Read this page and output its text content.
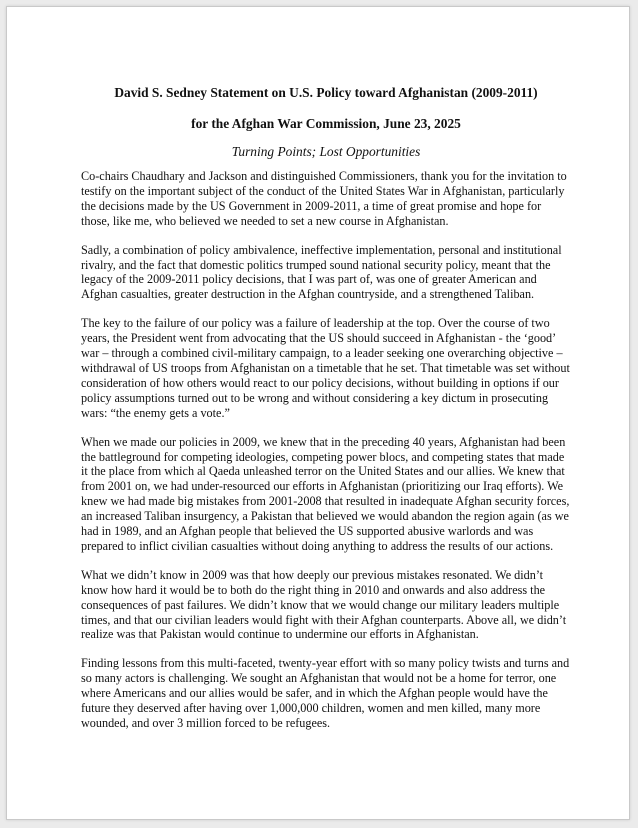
David S. Sedney Statement on U.S. Policy toward Afghanistan (2009-2011)

for the Afghan War Commission, June 23, 2025

Turning Points; Lost Opportunities

Co-chairs Chaudhary and Jackson and distinguished Commissioners, thank you for the invitation to testify on the important subject of the conduct of the United States War in Afghanistan, particularly the decisions made by the US Government in 2009-2011, a time of great promise and hope for those, like me, who believed we needed to set a new course in Afghanistan.

Sadly, a combination of policy ambivalence, ineffective implementation, personal and institutional rivalry, and the fact that domestic politics trumped sound national security policy, meant that the legacy of the 2009-2011 policy decisions, that I was part of, was one of greater American and Afghan casualties, greater destruction in the Afghan countryside, and a strengthened Taliban.

The key to the failure of our policy was a failure of leadership at the top. Over the course of two years, the President went from advocating that the US should succeed in Afghanistan - the ‘good’ war – through a combined civil-military campaign, to a leader seeking one overarching objective – withdrawal of US troops from Afghanistan on a timetable that he set. That timetable was set without consideration of how others would react to our policy decisions, without building in options if our policy assumptions turned out to be wrong and without considering a key dictum in prosecuting wars: “the enemy gets a vote.”

When we made our policies in 2009, we knew that in the preceding 40 years, Afghanistan had been the battleground for competing ideologies, competing power blocs, and competing states that made it the place from which al Qaeda unleashed terror on the United States and our allies. We knew that from 2001 on, we had under-resourced our efforts in Afghanistan (prioritizing our Iraq efforts). We knew we had made big mistakes from 2001-2008 that resulted in inadequate Afghan security forces, an increased Taliban insurgency, a Pakistan that believed we would abandon the region again (as we had in 1989, and an Afghan people that believed the US supported abusive warlords and was prepared to inflict civilian casualties without doing anything to address the results of our actions.

What we didn’t know in 2009 was that how deeply our previous mistakes resonated. We didn’t know how hard it would be to both do the right thing in 2010 and onwards and also address the consequences of past failures. We didn’t know that we would change our military leaders multiple times, and that our civilian leaders would fight with their Afghan counterparts. Above all, we didn’t realize was that Pakistan would continue to undermine our efforts in Afghanistan.

Finding lessons from this multi-faceted, twenty-year effort with so many policy twists and turns and so many actors is challenging. We sought an Afghanistan that would not be a home for terror, one where Americans and our allies would be safer, and in which the Afghan people would have the future they deserved after having over 1,000,000 children, women and men killed, many more wounded, and over 3 million forced to be refugees.
